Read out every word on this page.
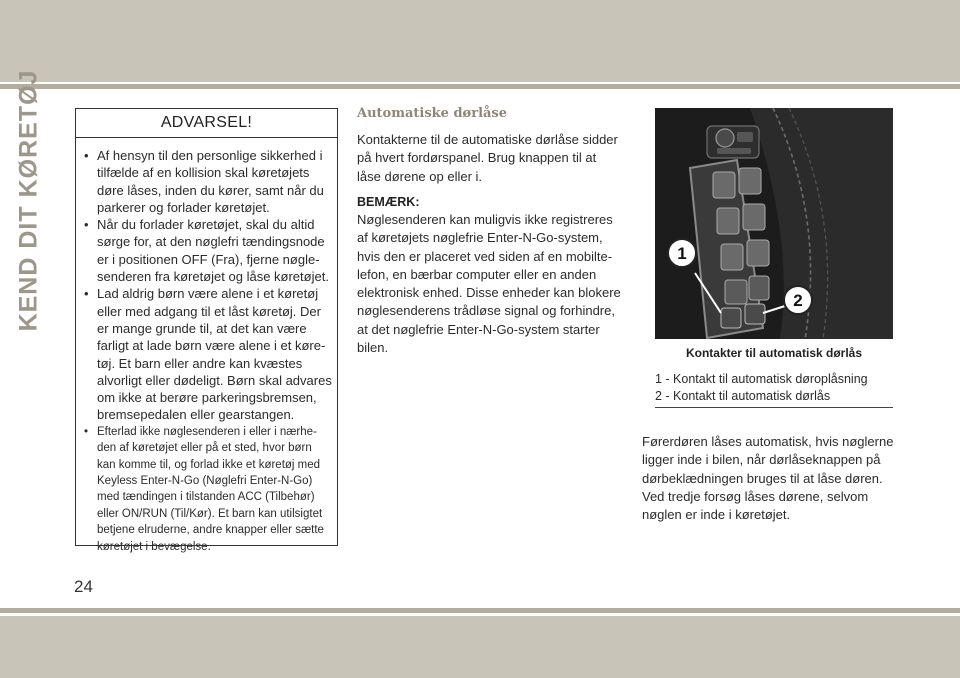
KEND DIT KØRETØJ	ADVARSEL!
• Af hensyn til den personlige sikkerhed i tilfælde af en kollision skal køretøjets døre låses, inden du kører, samt når du parkerer og forlader køretøjet.
• Når du forlader køretøjet, skal du altid sørge for, at den nøglefri tændingsnode er i positionen OFF (Fra), fjerne nøglesenderen fra køretøjet og låse køretøjet.
• Lad aldrig børn være alene i et køretøj eller med adgang til et låst køretøj. Der er mange grunde til, at det kan være farligt at lade børn være alene i et køretøj. Et barn eller andre kan kvæstes alvorligt eller dødeligt. Børn skal advares om ikke at berøre parkeringsbremsen, bremsepedalen eller gearstangen.
• Efterlad ikke nøglesenderen i eller i nærheden af køretøjet eller på et sted, hvor børn kan komme til, og forlad ikke et køretøj med Keyless Enter-N-Go (Nøglefri Enter-N-Go) med tændingen i tilstanden ACC (Tilbehør) eller ON/RUN (Til/Kør). Et barn kan utilsigtet betjene elruderne, andre knapper eller sætte køretøjet i bevægelse.
Automatiske dørlåse

Kontakterne til de automatiske dørlåse sidder på hvert fordørspanel. Brug knappen til at låse dørene op eller i.

BEMÆRK:

Nøglesenderen kan muligvis ikke registreres af køretøjets nøglefrie Enter-N-Go-system, hvis den er placeret ved siden af en mobiltelefon, en bærbar computer eller en anden elektronisk enhed. Disse enheder kan blokere nøglesenderens trådløse signal og forhindre, at det nøglefrie Enter-N-Go-system starter bilen.

1
2
Kontakter til automatisk dørlås
1 - Kontakt til automatisk døroplåsning
2 - Kontakt til automatisk dørlås

Førerdøren låses automatisk, hvis nøglerne ligger inde i bilen, når dørlåseknappen på dørbeklædningen bruges til at låse døren. Ved tredje forsøg låses dørene, selvom nøglen er inde i køretøjet.

24
